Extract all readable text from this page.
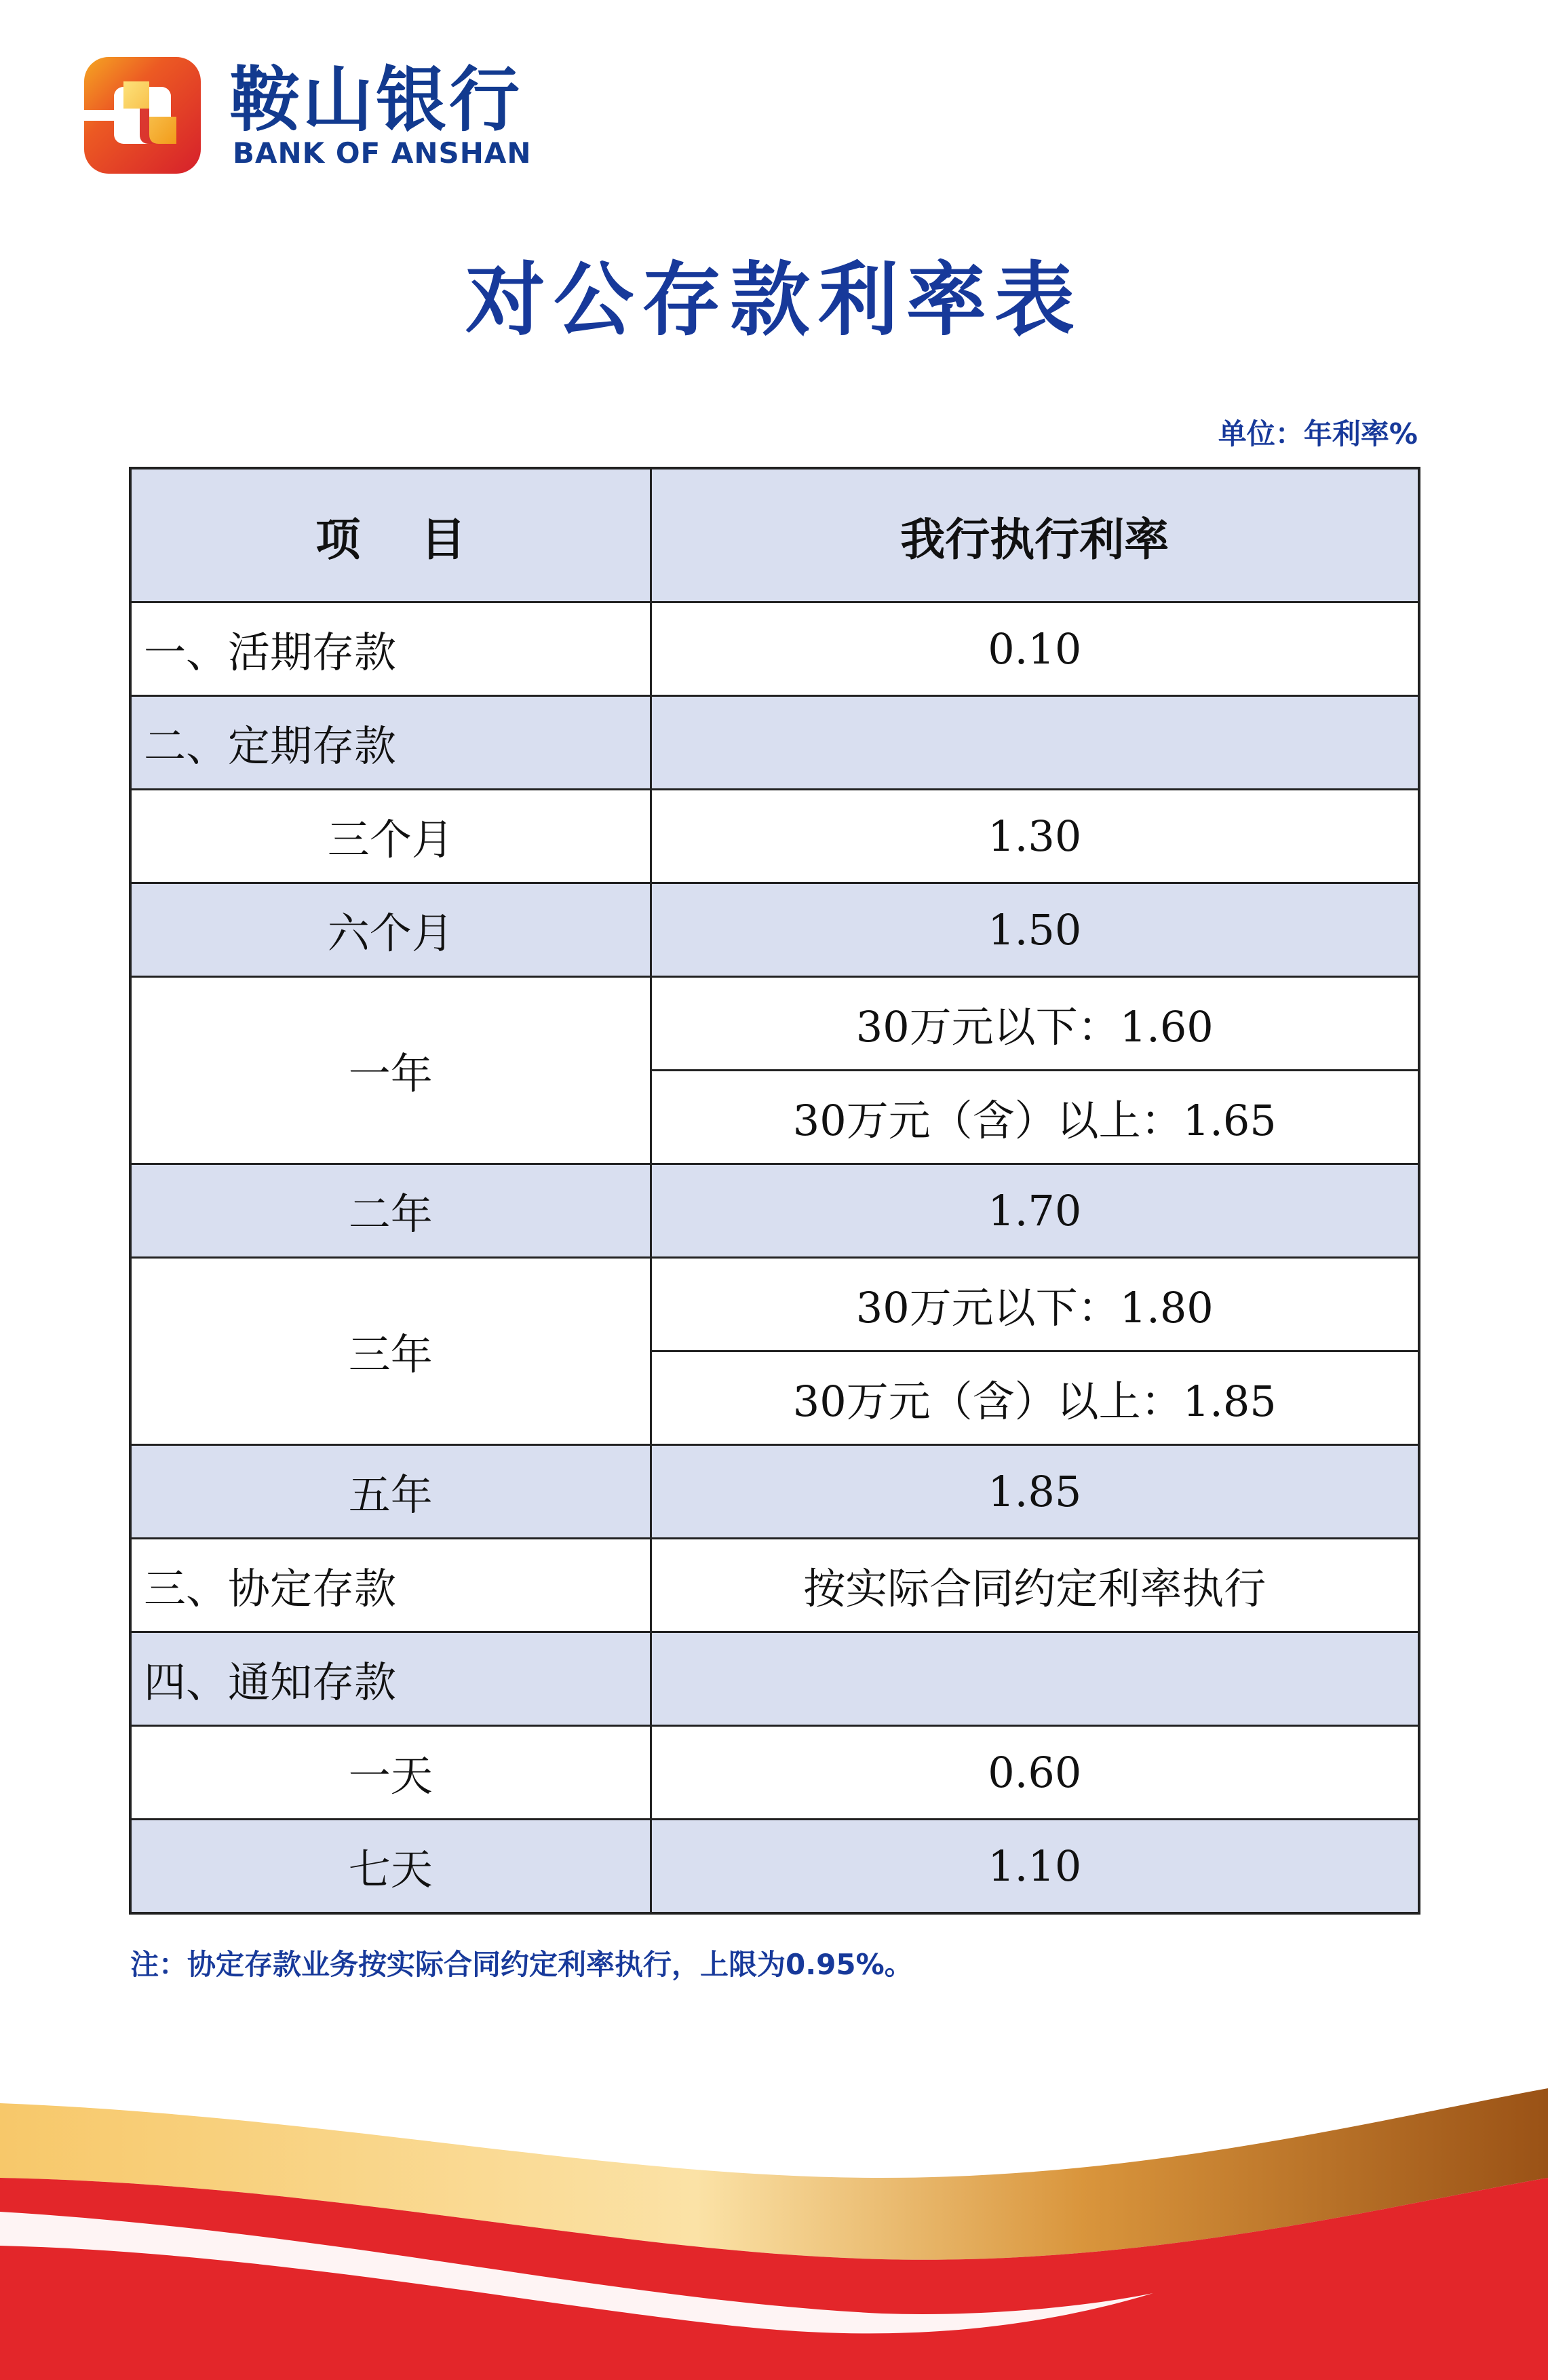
鞍山银行
BANK OF ANSHAN
对公存款利率表
单位：年利率%
项　 目	我行执行利率
一、活期存款	0.10
二、定期存款	
三个月	1.30
六个月	1.50
一年	30万元以下：1.60
	30万元（含）以上：1.65
二年	1.70
三年	30万元以下：1.80
	30万元（含）以上：1.85
五年	1.85
三、协定存款	按实际合同约定利率执行
四、通知存款	
一天	0.60
七天	1.10
注：协定存款业务按实际合同约定利率执行，上限为0.95%。
